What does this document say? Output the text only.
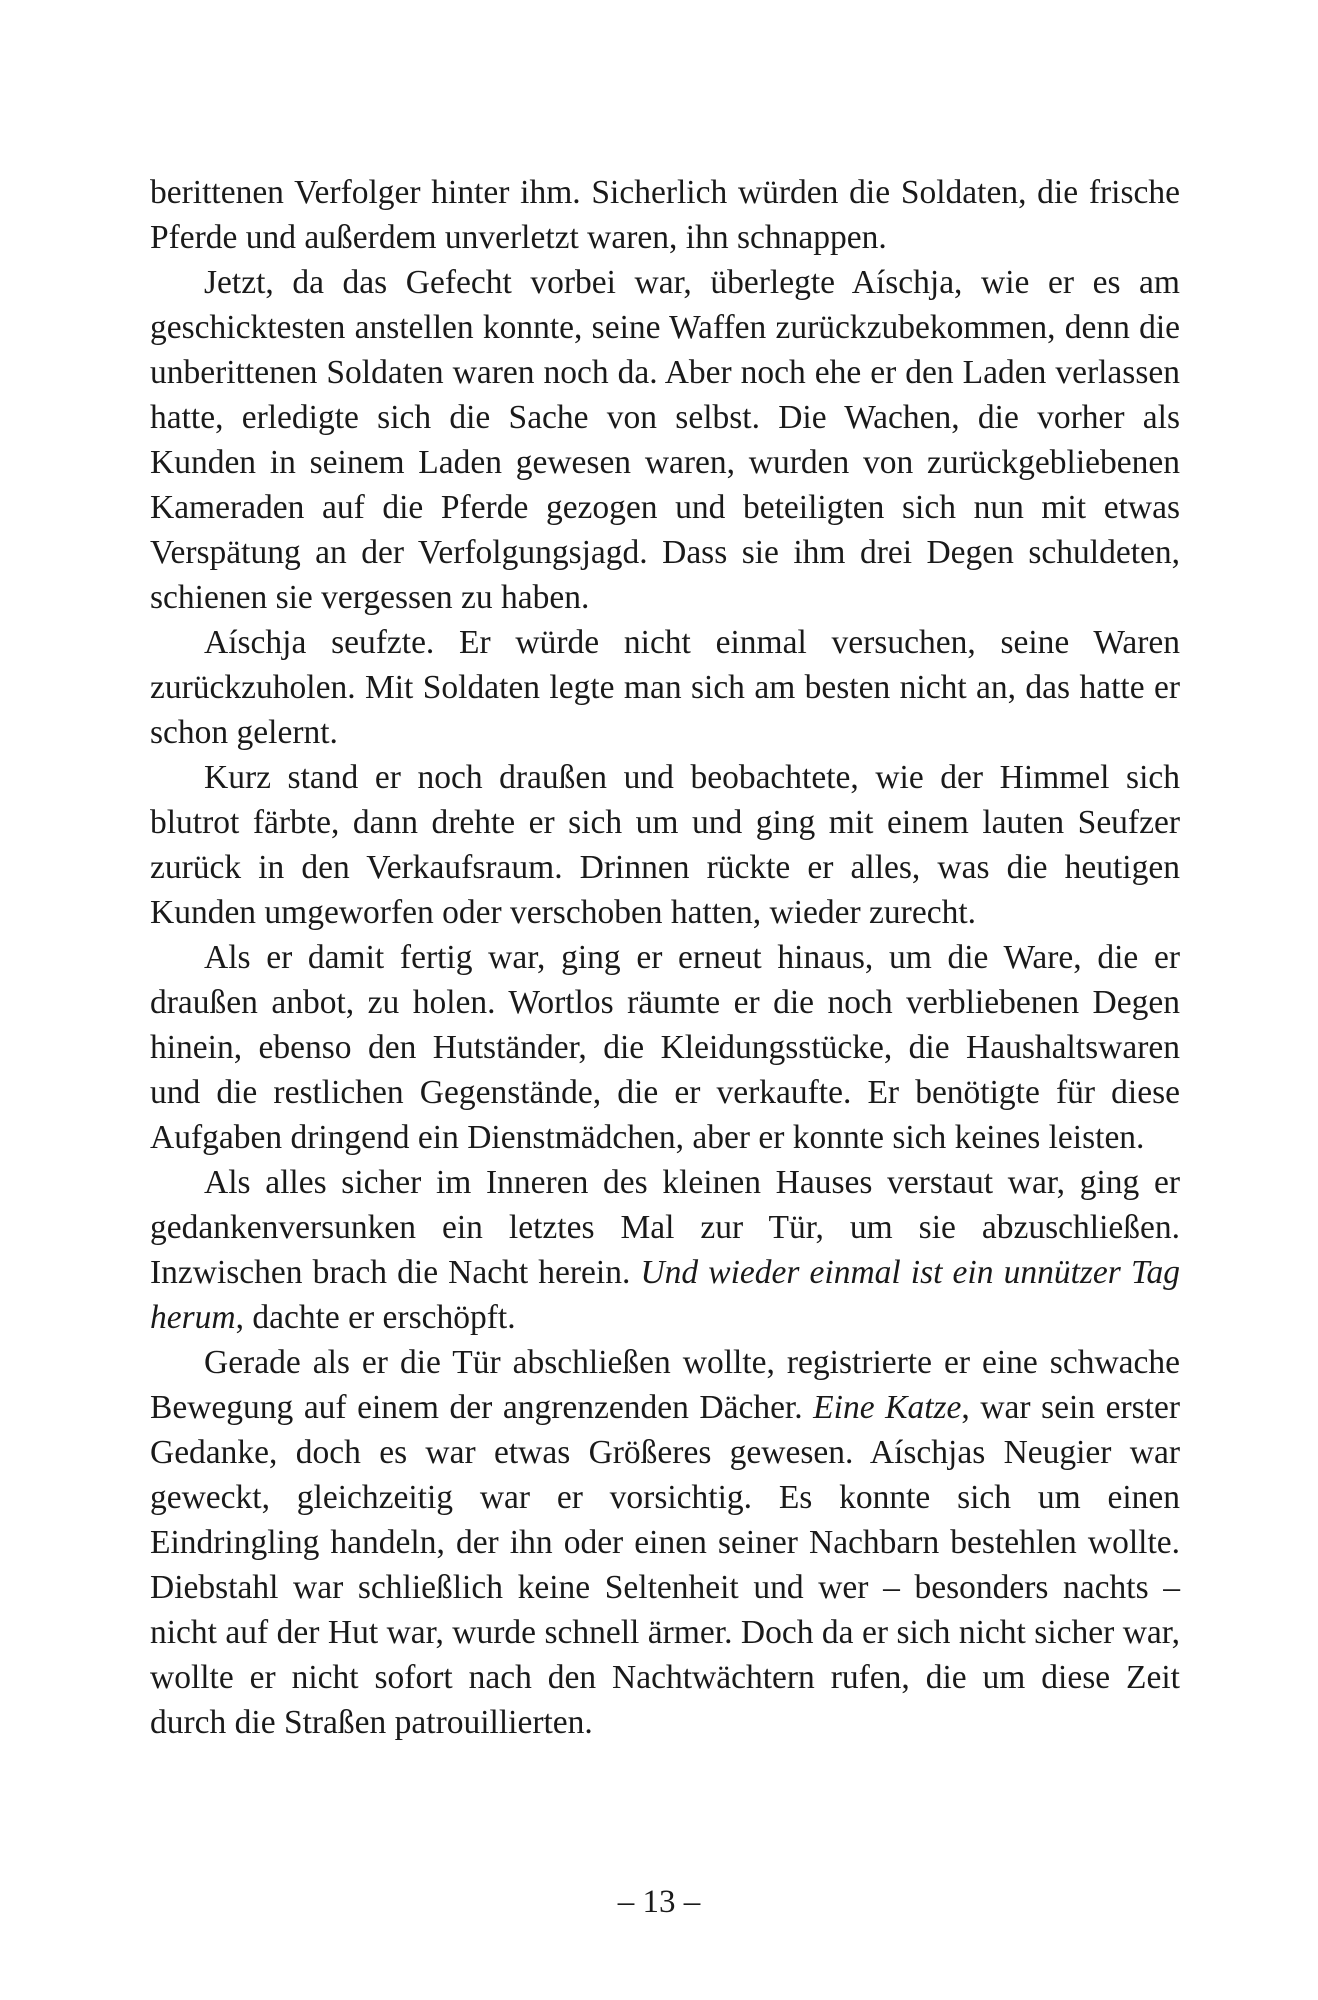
berittenen Verfolger hinter ihm. Sicherlich würden die Soldaten, die frische Pferde und außerdem unverletzt waren, ihn schnappen.

Jetzt, da das Gefecht vorbei war, überlegte Aíschja, wie er es am geschicktesten anstellen konnte, seine Waffen zurückzubekommen, denn die unberittenen Soldaten waren noch da. Aber noch ehe er den Laden verlassen hatte, erledigte sich die Sache von selbst. Die Wachen, die vorher als Kunden in seinem Laden gewesen waren, wurden von zurückgebliebenen Kameraden auf die Pferde gezogen und beteiligten sich nun mit etwas Verspätung an der Verfolgungsjagd. Dass sie ihm drei Degen schuldeten, schienen sie vergessen zu haben.

Aíschja seufzte. Er würde nicht einmal versuchen, seine Waren zurückzuholen. Mit Soldaten legte man sich am besten nicht an, das hatte er schon gelernt.

Kurz stand er noch draußen und beobachtete, wie der Himmel sich blutrot färbte, dann drehte er sich um und ging mit einem lauten Seufzer zurück in den Verkaufsraum. Drinnen rückte er alles, was die heutigen Kunden umgeworfen oder verschoben hatten, wieder zurecht.

Als er damit fertig war, ging er erneut hinaus, um die Ware, die er draußen anbot, zu holen. Wortlos räumte er die noch verbliebenen Degen hinein, ebenso den Hutständer, die Kleidungsstücke, die Haushaltswaren und die restlichen Gegenstände, die er verkaufte. Er benötigte für diese Aufgaben dringend ein Dienstmädchen, aber er konnte sich keines leisten.

Als alles sicher im Inneren des kleinen Hauses verstaut war, ging er gedankenversunken ein letztes Mal zur Tür, um sie abzuschließen. Inzwischen brach die Nacht herein. Und wieder einmal ist ein unnützer Tag herum, dachte er erschöpft.

Gerade als er die Tür abschließen wollte, registrierte er eine schwache Bewegung auf einem der angrenzenden Dächer. Eine Katze, war sein erster Gedanke, doch es war etwas Größeres gewesen. Aíschjas Neugier war geweckt, gleichzeitig war er vorsichtig. Es konnte sich um einen Eindringling handeln, der ihn oder einen seiner Nachbarn bestehlen wollte. Diebstahl war schließlich keine Seltenheit und wer – besonders nachts – nicht auf der Hut war, wurde schnell ärmer. Doch da er sich nicht sicher war, wollte er nicht sofort nach den Nachtwächtern rufen, die um diese Zeit durch die Straßen patrouillierten.

– 13 –
